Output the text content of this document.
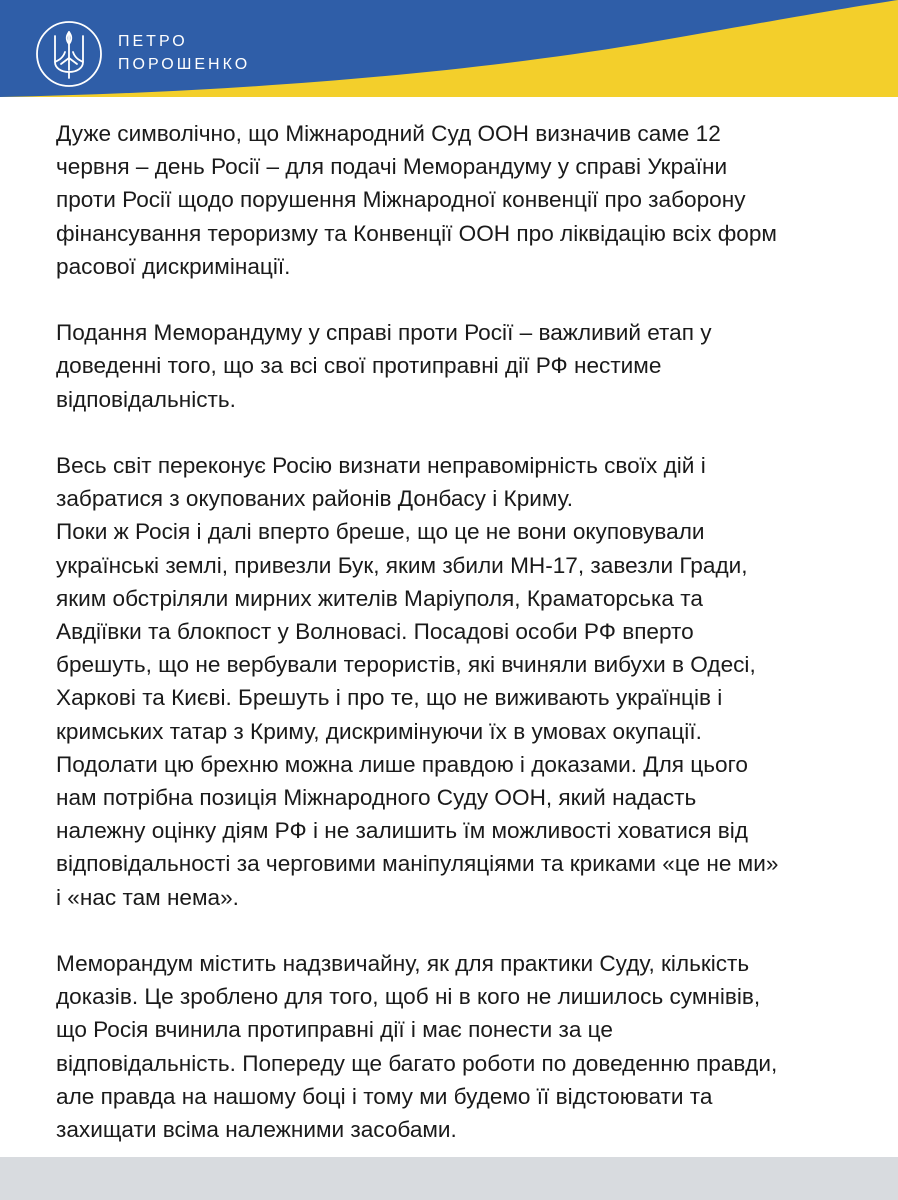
ПЕТРО
ПОРОШЕНКО

Дуже символічно, що Міжнародний Суд ООН визначив саме 12
червня – день Росії – для подачі Меморандуму у справі України
проти Росії щодо порушення Міжнародної конвенції про заборону
фінансування тероризму та Конвенції ООН про ліквідацію всіх форм
расової дискримінації.

Подання Меморандуму у справі проти Росії – важливий етап у
доведенні того, що за всі свої протиправні дії РФ нестиме
відповідальність.

Весь світ переконує Росію визнати неправомірність своїх дій і
забратися з окупованих районів Донбасу і Криму.
Поки ж Росія і далі вперто бреше, що це не вони окуповували
українські землі, привезли Бук, яким збили МН-17, завезли Гради,
яким обстріляли мирних жителів Маріуполя, Краматорська та
Авдіївки та блокпост у Волновасі. Посадові особи РФ вперто
брешуть, що не вербували терористів, які вчиняли вибухи в Одесі,
Харкові та Києві. Брешуть і про те, що не виживають українців і
кримських татар з Криму, дискримінуючи їх в умовах окупації.
Подолати цю брехню можна лише правдою і доказами. Для цього
нам потрібна позиція Міжнародного Суду ООН, який надасть
належну оцінку діям РФ і не залишить їм можливості ховатися від
відповідальності за черговими маніпуляціями та криками «це не ми»
і «нас там нема».

Меморандум містить надзвичайну, як для практики Суду, кількість
доказів. Це зроблено для того, щоб ні в кого не лишилось сумнівів,
що Росія вчинила протиправні дії і має понести за це
відповідальність. Попереду ще багато роботи по доведенню правди,
але правда на нашому боці і тому ми будемо її відстоювати та
захищати всіма належними засобами.
